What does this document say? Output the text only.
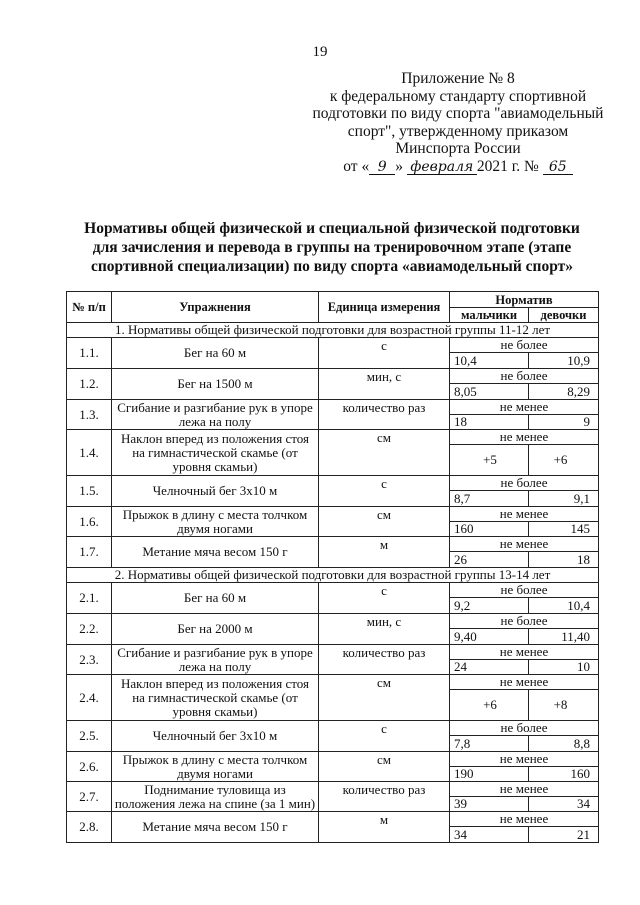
19
Приложение № 8
к федеральному стандарту спортивной
подготовки по виду спорта "авиамодельный
спорт", утвержденному приказом
Минспорта России
от « 9 » февраля 2021 г. № 65
Нормативы общей физической и специальной физической подготовки для зачисления и перевода в группы на тренировочном этапе (этапе спортивной специализации) по виду спорта «авиамодельный спорт»
№ п/п	Упражнения	Единица измерения	Норматив	
			мальчики	девочки
1. Нормативы общей физической подготовки для возрастной группы 11-12 лет				
1.1.	Бег на 60 м	с	не более	
			10,4	10,9
1.2.	Бег на 1500 м	мин, с	не более	
			8,05	8,29
1.3.	Сгибание и разгибание рук в упоре лежа на полу	количество раз	не менее	
			18	9
1.4.	Наклон вперед из положения стоя на гимнастической скамье (от уровня скамьи)	см	не менее	
			+5	+6
1.5.	Челночный бег 3х10 м	с	не более	
			8,7	9,1
1.6.	Прыжок в длину с места толчком двумя ногами	см	не менее	
			160	145
1.7.	Метание мяча весом 150 г	м	не менее	
			26	18
2. Нормативы общей физической подготовки для возрастной группы 13-14 лет				
2.1.	Бег на 60 м	с	не более	
			9,2	10,4
2.2.	Бег на 2000 м	мин, с	не более	
			9,40	11,40
2.3.	Сгибание и разгибание рук в упоре лежа на полу	количество раз	не менее	
			24	10
2.4.	Наклон вперед из положения стоя на гимнастической скамье (от уровня скамьи)	см	не менее	
			+6	+8
2.5.	Челночный бег 3х10 м	с	не более	
			7,8	8,8
2.6.	Прыжок в длину с места толчком двумя ногами	см	не менее	
			190	160
2.7.	Поднимание туловища из положения лежа на спине (за 1 мин)	количество раз	не менее	
			39	34
2.8.	Метание мяча весом 150 г	м	не менее	
			34	21
